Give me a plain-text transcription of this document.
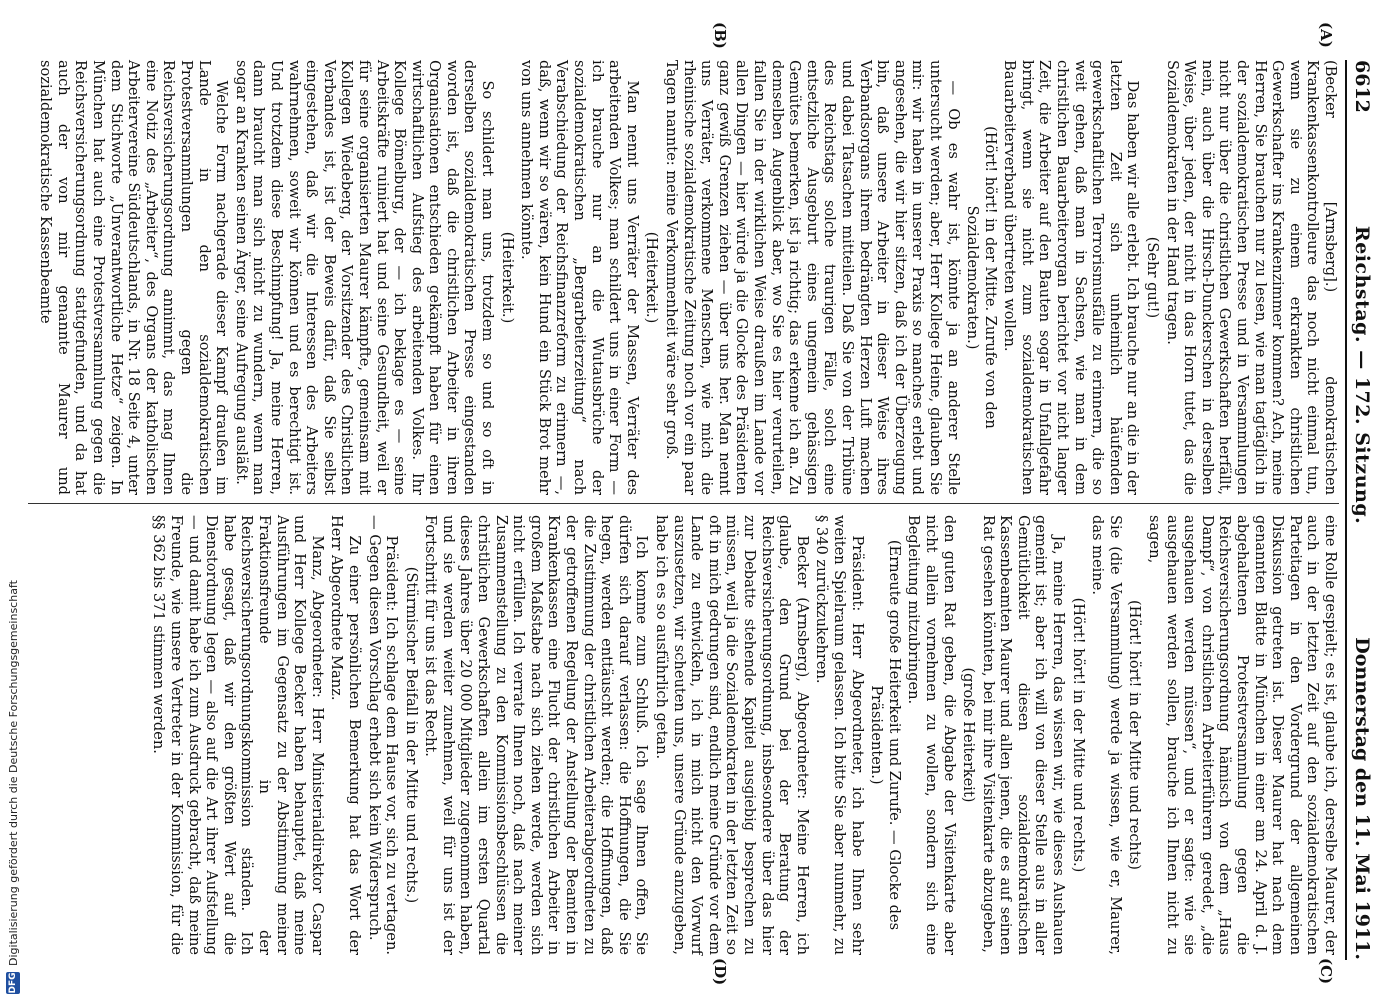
6612
Reichstag. — 172. Sitzung.
Donnerstag den 11. Mai 1911.
(A)
(B)
(C)
(D)

(Becker [Arnsberg].) demokratischen Krankenkassenkontrolleure das noch nicht einmal tun, wenn sie zu einem erkrankten christlichen Gewerkschafter ins Krankenzimmer kommen? Ach, meine Herren, Sie brauchen nur zu lesen, wie man tagtäglich in der sozialdemokratischen Presse und in Versammlungen nicht nur über die christlichen Gewerkschaften herfällt, nein, auch über die Hirsch-Dunckerschen in derselben Weise, über jeden, der nicht in das Horn tutet, das die Sozialdemokraten in der Hand tragen.

(Sehr gut!)

Das haben wir alle erlebt. Ich brauche nur an die in der letzten Zeit sich unheimlich häufenden gewerkschaftlichen Terrorismusfälle zu erinnern, die so weit gehen, daß man in Sachsen, wie man in dem christlichen Bauarbeiterorgan berichtet vor nicht langer Zeit, die Arbeiter auf den Bauten sogar in Unfallgefahr bringt, wenn sie nicht zum sozialdemokratischen Bauarbeiterverband übertreten wollen.

(Hört! hört! in der Mitte. Zurufe von den Sozialdemokraten.)

— Ob es wahr ist, könnte ja an anderer Stelle untersucht werden; aber, Herr Kollege Heine, glauben Sie mir: wir haben in unserer Praxis so manches erlebt und angesehen, die wir hier sitzen, daß ich der Überzeugung bin, daß unsere Arbeiter in dieser Weise ihres Verbandsorgans ihrem bedrängten Herzen Luft machen und dabei Tatsachen mitteilen. Daß Sie von der Tribüne des Reichstags solche traurigen Fälle, solch eine entsetzliche Ausgeburt eines ungemein gehässigen Gemütes bemerken, ist ja richtig; das erkenne ich an. Zu demselben Augenblick aber, wo Sie es hier verurteilen, fallen Sie in der wirklichen Weise draußen im Lande vor allen Dingen — hier würde ja die Glocke des Präsidenten ganz gewiß Grenzen ziehen — über uns her. Man nennt uns Verräter, verkommene Menschen, wie mich die rheinische sozialdemokratische Zeitung noch vor ein paar Tagen nannte: meine Verkommenheit wäre sehr groß.

(Heiterkeit.)

Man nennt uns Verräter der Massen, Verräter des arbeitenden Volkes; man schildert uns in einer Form — ich brauche nur an die Wutausbrüche der sozialdemokratischen „Bergarbeiterzeitung“ nach Verabschiedung der Reichsfinanzreform zu erinnern —, daß, wenn wir so wären, kein Hund ein Stück Brot mehr von uns annehmen könnte.

(Heiterkeit.)

So schildert man uns, trotzdem so und so oft in derselben sozialdemokratischen Presse eingestanden worden ist, daß die christlichen Arbeiter in ihren Organisationen entschieden gekämpft haben für einen wirtschaftlichen Aufstieg des arbeitenden Volkes. Ihr Kollege Bömelburg, der — ich beklage es — seine Arbeitskräfte ruiniert hat und seine Gesundheit, weil er für seine organisierten Maurer kämpfte, gemeinsam mit Kollegen Wiedeberg, der Vorsitzender des Christlichen Verbandes ist, ist der Beweis dafür, daß Sie selbst eingestehen, daß wir die Interessen des Arbeiters wahrnehmen, soweit wir können und es berechtigt ist. Und trotzdem diese Beschimpfung! Ja, meine Herren, dann braucht man sich nicht zu wundern, wenn man sogar an Kranken seinen Ärger, seine Aufregung ausläßt.

Welche Form nachgerade dieser Kampf draußen im Lande in den sozialdemokratischen Protestversammlungen gegen die Reichsversicherungsordnung annimmt, das mag Ihnen eine Notiz des „Arbeiter“, des Organs der katholischen Arbeitervereine Süddeutschlands, in Nr. 18 Seite 4, unter dem Stichworte „Unverantwortliche Hetze“ zeigen. In München hat auch eine Protestversammlung gegen die Reichsversicherungsordnung stattgefunden, und da hat auch der von mir genannte Maurer und sozialdemokratische Kassenbeamte

eine Rolle gespielt; es ist, glaube ich, derselbe Maurer, der auch in der letzten Zeit auf den sozialdemokratischen Parteitagen in den Vordergrund der allgemeinen Diskussion getreten ist. Dieser Maurer hat nach dem genannten Blatte in München in einer am 24. April d. J. abgehaltenen Protestversammlung gegen die Reichsversicherungsordnung hämisch von dem „Haus Dampf“, von christlichen Arbeiterführern geredet, „die ausgehauen werden müssen“, und er sagte: wie sie ausgehauen werden sollen, brauche ich Ihnen nicht zu sagen,

(Hört! hört! in der Mitte und rechts)

Sie (die Versammlung) werde ja wissen, wie er, Maurer, das meine.

(Hört! hört! in der Mitte und rechts.)

Ja, meine Herren, das wissen wir, wie dieses Aushauen gemeint ist; aber ich will von dieser Stelle aus in aller Gemütlichkeit diesen sozialdemokratischen Kassenbeamten Maurer und allen jenen, die es auf seinen Rat gesehen könnten, bei mir ihre Visitenkarte abzugeben,

(große Heiterkeit)

den guten Rat geben, die Abgabe der Visitenkarte aber nicht allein vornehmen zu wollen, sondern sich eine Begleitung mitzubringen.

(Erneute große Heiterkeit und Zurufe. — Glocke des Präsidenten.)

Präsident: Herr Abgeordneter, ich habe Ihnen sehr weiten Spielraum gelassen. Ich bitte Sie aber nunmehr, zu § 340 zurückzukehren.

Becker (Arnsberg), Abgeordneter: Meine Herren, ich glaube, den Grund bei der Beratung der Reichsversicherungsordnung, insbesondere über das hier zur Debatte stehende Kapitel ausgiebig besprechen zu müssen, weil ja die Sozialdemokraten in der letzten Zeit so oft in mich gedrungen sind, endlich meine Gründe vor dem Lande zu entwickeln, ich in mich nicht den Vorwurf auszusetzen, wir scheuten uns, unsere Gründe anzugeben, habe ich es so ausführlich getan.

Ich komme zum Schluß. Ich sage Ihnen offen, Sie dürfen sich darauf verlassen: die Hoffnungen, die Sie hegen, werden enttäuscht werden; die Hoffnungen, daß die Zustimmung der christlichen Arbeiterabgeordneten zu der getroffenen Regelung der Anstellung der Beamten in Krankenkassen eine Flucht der christlichen Arbeiter in großem Maßstabe nach sich ziehen werde, werden sich nicht erfüllen. Ich verrate Ihnen noch, daß nach meiner Zusammenstellung zu den Kommissionsbeschlüssen die christlichen Gewerkschaften allein im ersten Quartal dieses Jahres über 20 000 Mitglieder zugenommen haben, und sie werden weiter zunehmen, weil für uns ist der Fortschritt für uns ist das Recht.

(Stürmischer Beifall in der Mitte und rechts.)

Präsident: Ich schlage dem Hause vor, sich zu vertagen. — Gegen diesen Vorschlag erhebt sich kein Widerspruch.

Zu einer persönlichen Bemerkung hat das Wort der Herr Abgeordnete Manz.

Manz, Abgeordneter: Herr Ministerialdirektor Caspar und Herr Kollege Becker haben behauptet, daß meine Ausführungen im Gegensatz zu der Abstimmung meiner Fraktionsfreunde in der Reichsversicherungsordnungskommission ständen. Ich habe gesagt, daß wir den größten Wert auf die Dienstordnung legen — also auf die Art ihrer Aufstellung — und damit habe ich zum Ausdruck gebracht, daß meine Freunde, wie unsere Vertreter in der Kommission, für die §§ 362 bis 371 stimmen werden.

DFG
Digitalisierung gefördert durch die Deutsche Forschungsgemeinschaft
